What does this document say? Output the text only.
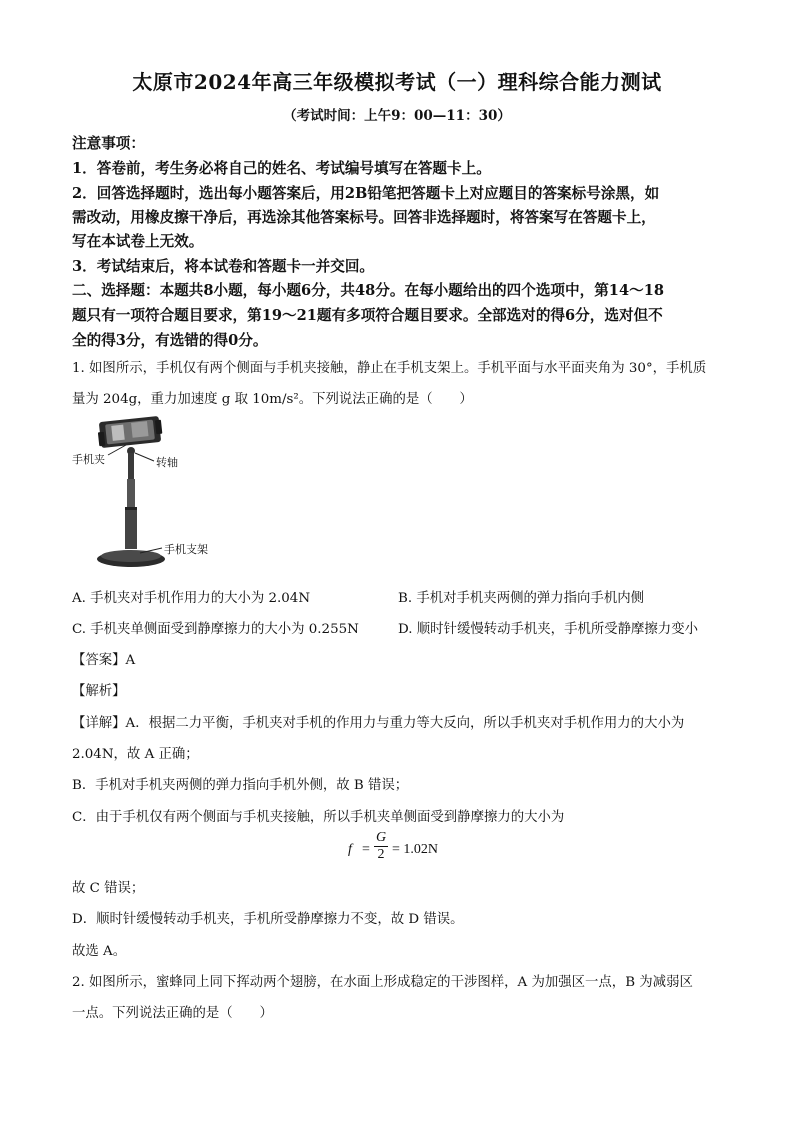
太原市2024年高三年级模拟考试（一）理科综合能力测试
（考试时间：上午9：00—11：30）
注意事项：
1．答卷前，考生务必将自己的姓名、考试编号填写在答题卡上。
2．回答选择题时，选出每小题答案后，用2B铅笔把答题卡上对应题目的答案标号涂黑，如
需改动，用橡皮擦干净后，再选涂其他答案标号。回答非选择题时，将答案写在答题卡上，
写在本试卷上无效。
3．考试结束后，将本试卷和答题卡一并交回。
二、选择题：本题共8小题，每小题6分，共48分。在每小题给出的四个选项中，第14～18
题只有一项符合题目要求，第19～21题有多项符合题目要求。全部选对的得6分，选对但不
全的得3分，有选错的得0分。
1. 如图所示，手机仅有两个侧面与手机夹接触，静止在手机支架上。手机平面与水平面夹角为 30°，手机质
量为 204g，重力加速度 g 取 10m/s²。下列说法正确的是（　　）
手机夹	转轴
手机支架
A. 手机夹对手机作用力的大小为 2.04N	B. 手机对手机夹两侧的弹力指向手机内侧
C. 手机夹单侧面受到静摩擦力的大小为 0.255N	D. 顺时针缓慢转动手机夹，手机所受静摩擦力变小
【答案】A
【解析】
【详解】A．根据二力平衡，手机夹对手机的作用力与重力等大反向，所以手机夹对手机作用力的大小为
2.04N，故 A 正确；
B．手机对手机夹两侧的弹力指向手机外侧，故 B 错误；
C．由于手机仅有两个侧面与手机夹接触，所以手机夹单侧面受到静摩擦力的大小为
f =
G
2 = 1.02N
故 C 错误；
D．顺时针缓慢转动手机夹，手机所受静摩擦力不变，故 D 错误。
故选 A。
2. 如图所示，蜜蜂同上同下挥动两个翅膀，在水面上形成稳定的干涉图样，A 为加强区一点，B 为减弱区
一点。下列说法正确的是（　　）
